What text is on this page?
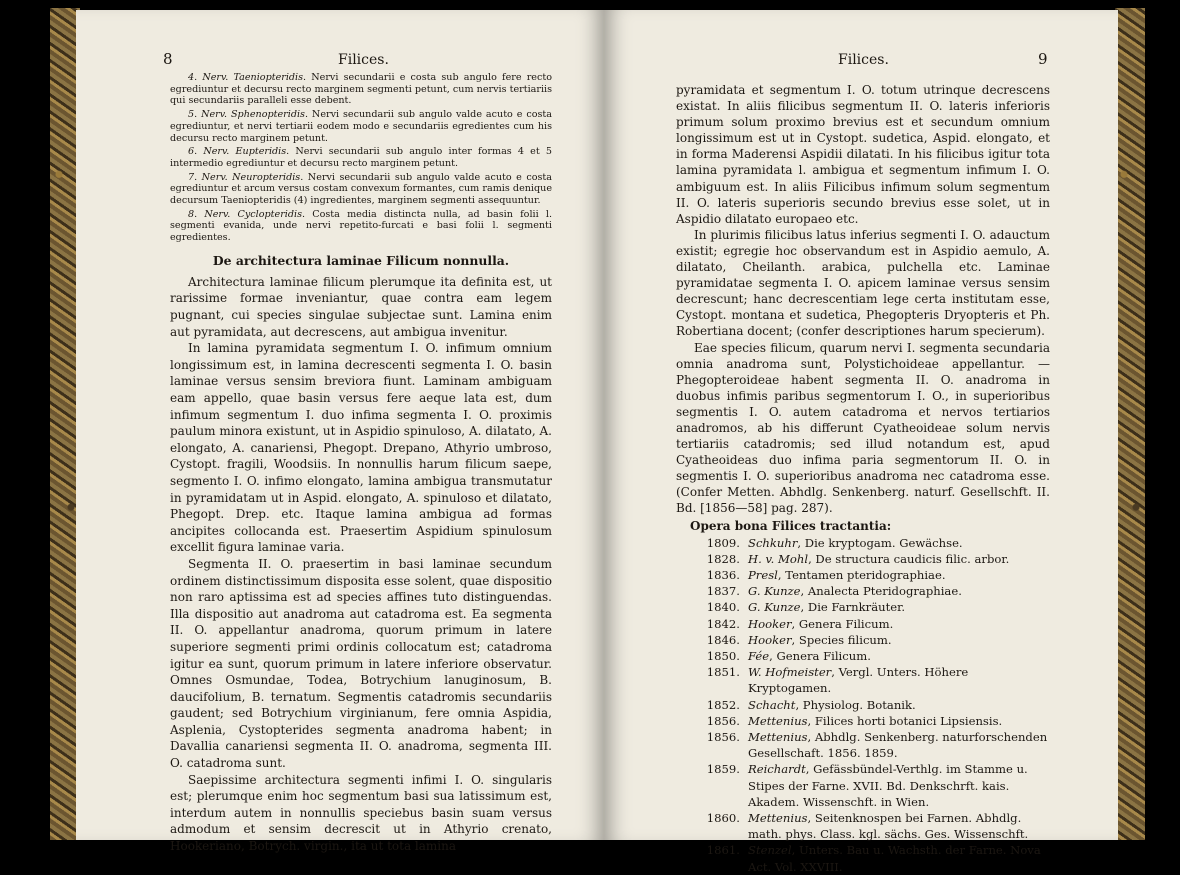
8	Filices.	Filices.	9

4. Nerv. Taeniopteridis. Nervi secundarii e costa sub angulo fere recto egrediuntur et decursu recto marginem segmenti petunt, cum nervis tertiariis qui secundariis paralleli esse debent.

5. Nerv. Sphenopteridis. Nervi secundarii sub angulo valde acuto e costa egrediuntur, et nervi tertiarii eodem modo e secundariis egredientes cum his decursu recto marginem petunt.

6. Nerv. Eupteridis. Nervi secundarii sub angulo inter formas 4 et 5 intermedio egrediuntur et decursu recto marginem petunt.

7. Nerv. Neuropteridis. Nervi secundarii sub angulo valde acuto e costa egrediuntur et arcum versus costam convexum formantes, cum ramis denique decursum Taeniopteridis (4) ingredientes, marginem segmenti assequuntur.

8. Nerv. Cyclopteridis. Costa media distincta nulla, ad basin folii l. segmenti evanida, unde nervi repetito-furcati e basi folii l. segmenti egredientes.

De architectura laminae Filicum nonnulla.

Architectura laminae filicum plerumque ita definita est, ut rarissime formae inveniantur, quae contra eam legem pugnant, cui species singulae subjectae sunt. Lamina enim aut pyramidata, aut decrescens, aut ambigua invenitur.

In lamina pyramidata segmentum I. O. infimum omnium longissimum est, in lamina decrescenti segmenta I. O. basin laminae versus sensim breviora fiunt. Laminam ambiguam eam appello, quae basin versus fere aeque lata est, dum infimum segmentum I. duo infima segmenta I. O. proximis paulum minora existunt, ut in Aspidio spinuloso, A. dilatato, A. elongato, A. canariensi, Phegopt. Drepano, Athyrio umbroso, Cystopt. fragili, Woodsiis. In nonnullis harum filicum saepe, segmento I. O. infimo elongato, lamina ambigua transmutatur in pyramidatam ut in Aspid. elongato, A. spinuloso et dilatato, Phegopt. Drep. etc. Itaque lamina ambigua ad formas ancipites collocanda est. Praesertim Aspidium spinulosum excellit figura laminae varia.

Segmenta II. O. praesertim in basi laminae secundum ordinem distinctissimum disposita esse solent, quae dispositio non raro aptissima est ad species affines tuto distinguendas. Illa dispositio aut anadroma aut catadroma est. Ea segmenta II. O. appellantur anadroma, quorum primum in latere superiore segmenti primi ordinis collocatum est; catadroma igitur ea sunt, quorum primum in latere inferiore observatur. Omnes Osmundae, Todea, Botrychium lanuginosum, B. daucifolium, B. ternatum. Segmentis catadromis secundariis gaudent; sed Botrychium virginianum, fere omnia Aspidia, Asplenia, Cystopterides segmenta anadroma habent; in Davallia canariensi segmenta II. O. anadroma, segmenta III. O. catadroma sunt.

Saepissime architectura segmenti infimi I. O. singularis est; plerumque enim hoc segmentum basi sua latissimum est, interdum autem in nonnullis speciebus basin suam versus admodum et sensim decrescit ut in Athyrio crenato, Hookeriano, Botrych. virgin., ita ut tota lamina

pyramidata et segmentum I. O. totum utrinque decrescens existat. In aliis filicibus segmentum II. O. lateris inferioris primum solum proximo brevius est et secundum omnium longissimum est ut in Cystopt. sudetica, Aspid. elongato, et in forma Maderensi Aspidii dilatati. In his filicibus igitur tota lamina pyramidata l. ambigua et segmentum infimum I. O. ambiguum est. In aliis Filicibus infimum solum segmentum II. O. lateris superioris secundo brevius esse solet, ut in Aspidio dilatato europaeo etc.

In plurimis filicibus latus inferius segmenti I. O. adauctum existit; egregie hoc observandum est in Aspidio aemulo, A. dilatato, Cheilanth. arabica, pulchella etc. Laminae pyramidatae segmenta I. O. apicem laminae versus sensim decrescunt; hanc decrescentiam lege certa institutam esse, Cystopt. montana et sudetica, Phegopteris Dryopteris et Ph. Robertiana docent; (confer descriptiones harum specierum).

Eae species filicum, quarum nervi I. segmenta secundaria omnia anadroma sunt, Polystichoideae appellantur. — Phegopteroideae habent segmenta II. O. anadroma in duobus infimis paribus segmentorum I. O., in superioribus segmentis I. O. autem catadroma et nervos tertiarios anadromos, ab his differunt Cyatheoideae solum nervis tertiariis catadromis; sed illud notandum est, apud Cyatheoideas duo infima paria segmentorum II. O. in segmentis I. O. superioribus anadroma nec catadroma esse. (Confer Metten. Abhdlg. Senkenberg. naturf. Gesellschft. II. Bd. [1856—58] pag. 287).

Opera bona Filices tractantia:
1809. Schkuhr, Die kryptogam. Gewächse.
1828. H. v. Mohl, De structura caudicis filic. arbor.
1836. Presl, Tentamen pteridographiae.
1837. G. Kunze, Analecta Pteridographiae.
1840. G. Kunze, Die Farnkräuter.
1842. Hooker, Genera Filicum.
1846. Hooker, Species filicum.
1850. Fée, Genera Filicum.
1851. W. Hofmeister, Vergl. Unters. Höhere Kryptogamen.
1852. Schacht, Physiolog. Botanik.
1856. Mettenius, Filices horti botanici Lipsiensis.
1856. Mettenius, Abhdlg. Senkenberg. naturforschenden Gesellschaft. 1856. 1859.
1859. Reichardt, Gefässbündel-Verthlg. im Stamme u. Stipes der Farne. XVII. Bd. Denkschrft. kais. Akadem. Wissenschft. in Wien.
1860. Mettenius, Seitenknospen bei Farnen. Abhdlg. math. phys. Class. kgl. sächs. Ges. Wissenschft.
1861. Stenzel, Unters. Bau u. Wachsth. der Farne. Nova Act. Vol. XXVIII.
